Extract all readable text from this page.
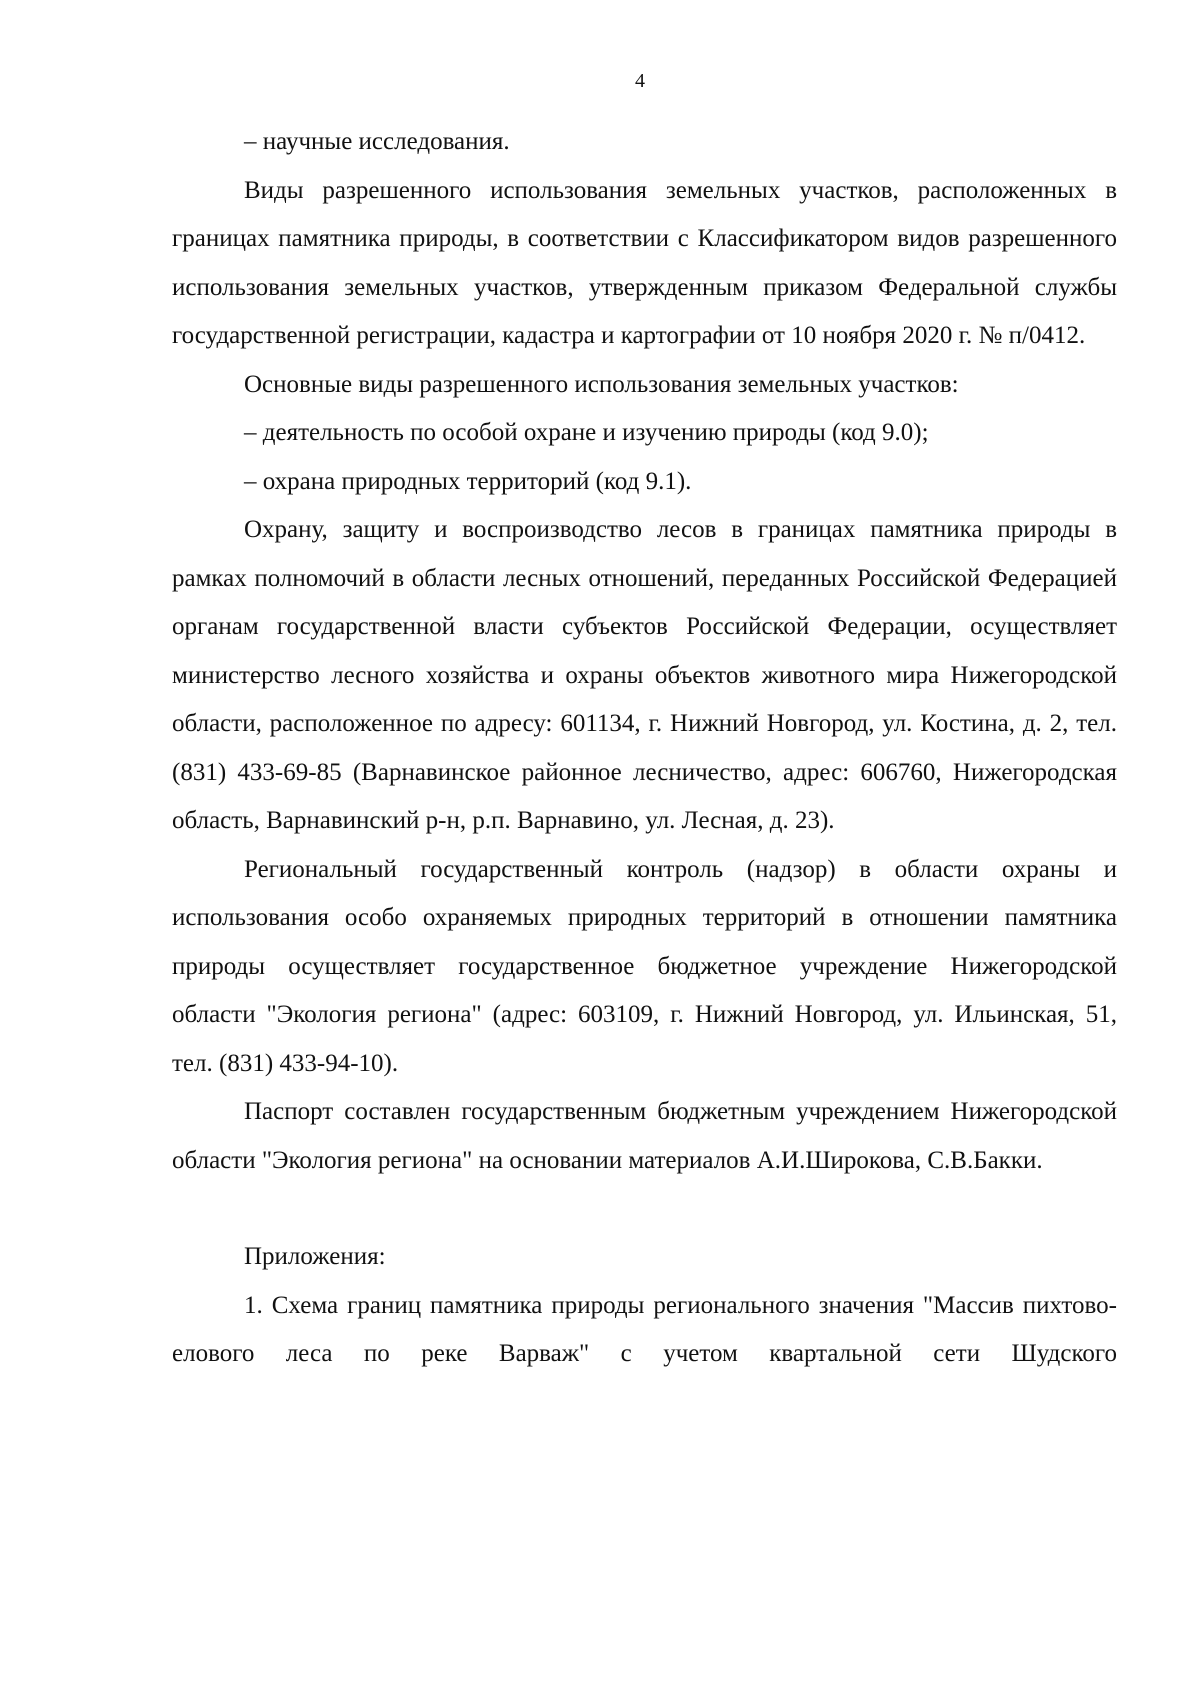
4

– научные исследования.

Виды разрешенного использования земельных участков, расположенных в границах памятника природы, в соответствии с Классификатором видов разрешенного использования земельных участков, утвержденным приказом Федеральной службы государственной регистрации, кадастра и картографии от 10 ноября 2020 г. № п/0412.

Основные виды разрешенного использования земельных участков:

– деятельность по особой охране и изучению природы (код 9.0);

– охрана природных территорий (код 9.1).

Охрану, защиту и воспроизводство лесов в границах памятника природы в рамках полномочий в области лесных отношений, переданных Российской Федерацией органам государственной власти субъектов Российской Федерации, осуществляет министерство лесного хозяйства и охраны объектов животного мира Нижегородской области, расположенное по адресу: 601134, г. Нижний Новгород, ул. Костина, д. 2, тел. (831) 433-69-85 (Варнавинское районное лесничество, адрес: 606760, Нижегородская область, Варнавинский р-н, р.п. Варнавино, ул. Лесная, д. 23).

Региональный государственный контроль (надзор) в области охраны и использования особо охраняемых природных территорий в отношении памятника природы осуществляет государственное бюджетное учреждение Нижегородской области "Экология региона" (адрес: 603109, г. Нижний Новгород, ул. Ильинская, 51, тел. (831) 433-94-10).

Паспорт составлен государственным бюджетным учреждением Нижегородской области "Экология региона" на основании материалов А.И.Широкова, С.В.Бакки.

Приложения:

1. Схема границ памятника природы регионального значения "Массив пихтово-елового леса по реке Варваж" с учетом квартальной сети Шудского
